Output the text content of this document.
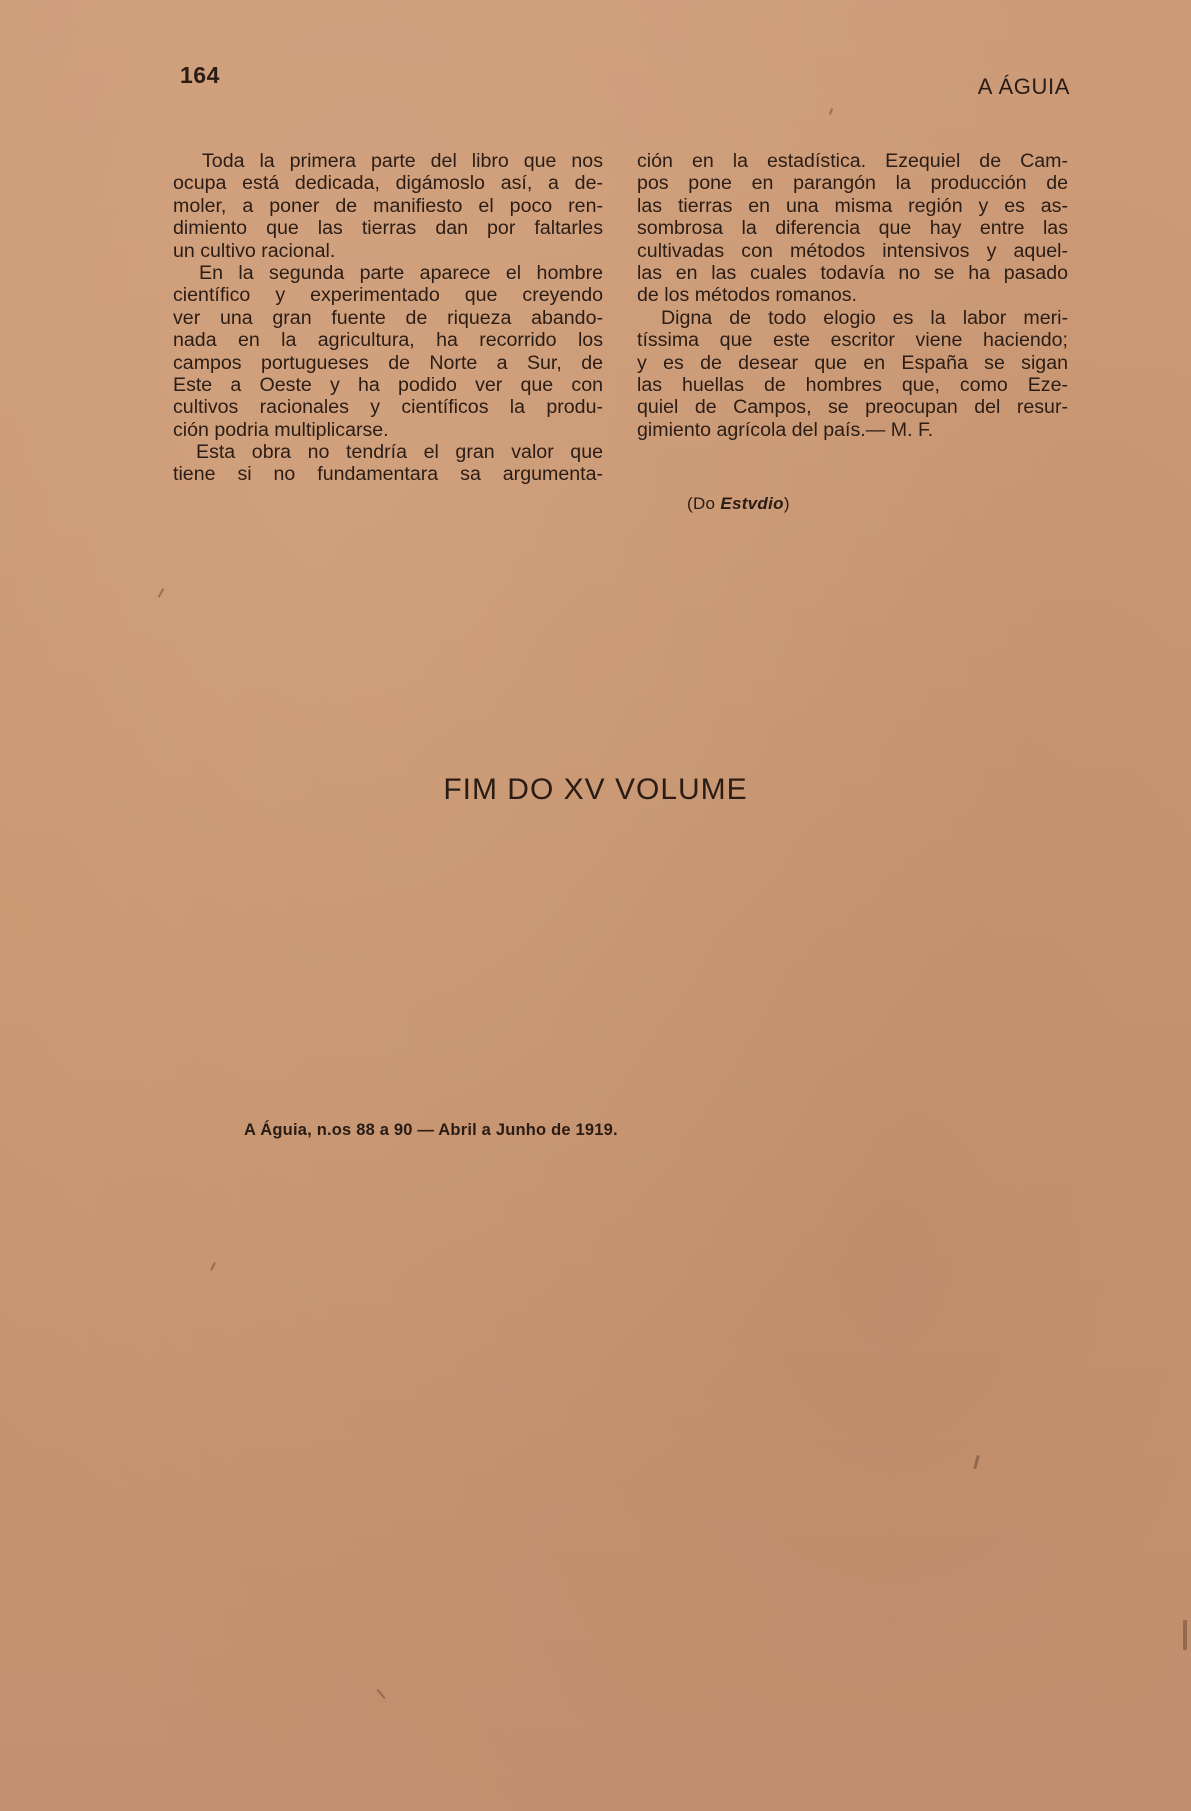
164	A ÁGUIA
Toda la primera parte del libro que nos
ocupa está dedicada, digámoslo así, a de-
moler, a poner de manifiesto el poco ren-
dimiento que las tierras dan por faltarles
un cultivo racional.
En la segunda parte aparece el hombre
científico y experimentado que creyendo
ver una gran fuente de riqueza abando-
nada en la agricultura, ha recorrido los
campos portugueses de Norte a Sur, de
Este a Oeste y ha podido ver que con
cultivos racionales y científicos la produ-
ción podria multiplicarse.
Esta obra no tendría el gran valor que
tiene si no fundamentara sa argumenta-
ción en la estadística. Ezequiel de Cam-
pos pone en parangón la producción de
las tierras en una misma región y es as-
sombrosa la diferencia que hay entre las
cultivadas con métodos intensivos y aquel-
las en las cuales todavía no se ha pasado
de los métodos romanos.
Digna de todo elogio es la labor meri-
tíssima que este escritor viene haciendo;
y es de desear que en España se sigan
las huellas de hombres que, como Eze-
quiel de Campos, se preocupan del resur-
gimiento agrícola del país.— M. F.
(Do Estvdio)
FIM DO XV VOLUME
A Águia, n.os 88 a 90 — Abril a Junho de 1919.
